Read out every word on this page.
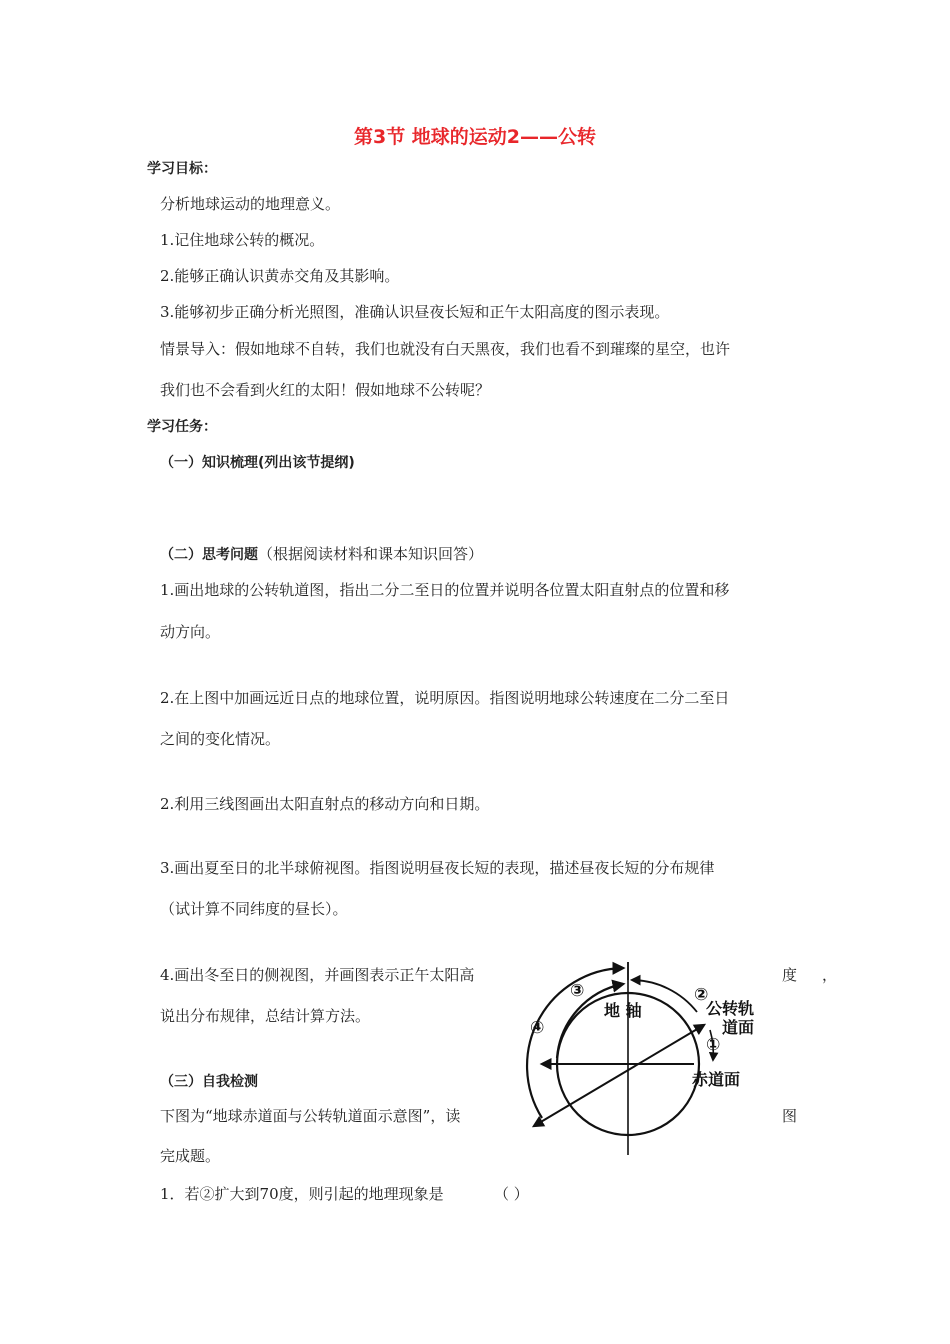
第3节 地球的运动2——公转
学习目标：
分析地球运动的地理意义。
1.记住地球公转的概况。
2.能够正确认识黄赤交角及其影响。
3.能够初步正确分析光照图，准确认识昼夜长短和正午太阳高度的图示表现。
情景导入：假如地球不自转，我们也就没有白天黑夜，我们也看不到璀璨的星空，也许
我们也不会看到火红的太阳！假如地球不公转呢？
学习任务：
（一）知识梳理(列出该节提纲)
（二）思考问题（根据阅读材料和课本知识回答）
1.画出地球的公转轨道图，指出二分二至日的位置并说明各位置太阳直射点的位置和移
动方向。
2.在上图中加画远近日点的地球位置，说明原因。指图说明地球公转速度在二分二至日
之间的变化情况。
2.利用三线图画出太阳直射点的移动方向和日期。
3.画出夏至日的北半球俯视图。指图说明昼夜长短的表现，描述昼夜长短的分布规律
（试计算不同纬度的昼长）。
4.画出冬至日的侧视图，并画图表示正午太阳高	度 ，
说出分布规律，总结计算方法。
（三）自我检测
下图为“地球赤道面与公转轨道面示意图”，读	图
完成题。
1．若②扩大到70度，则引起的地理现象是	（ ）
地 轴	公转轨
道面
赤道面
①
②
③
④
